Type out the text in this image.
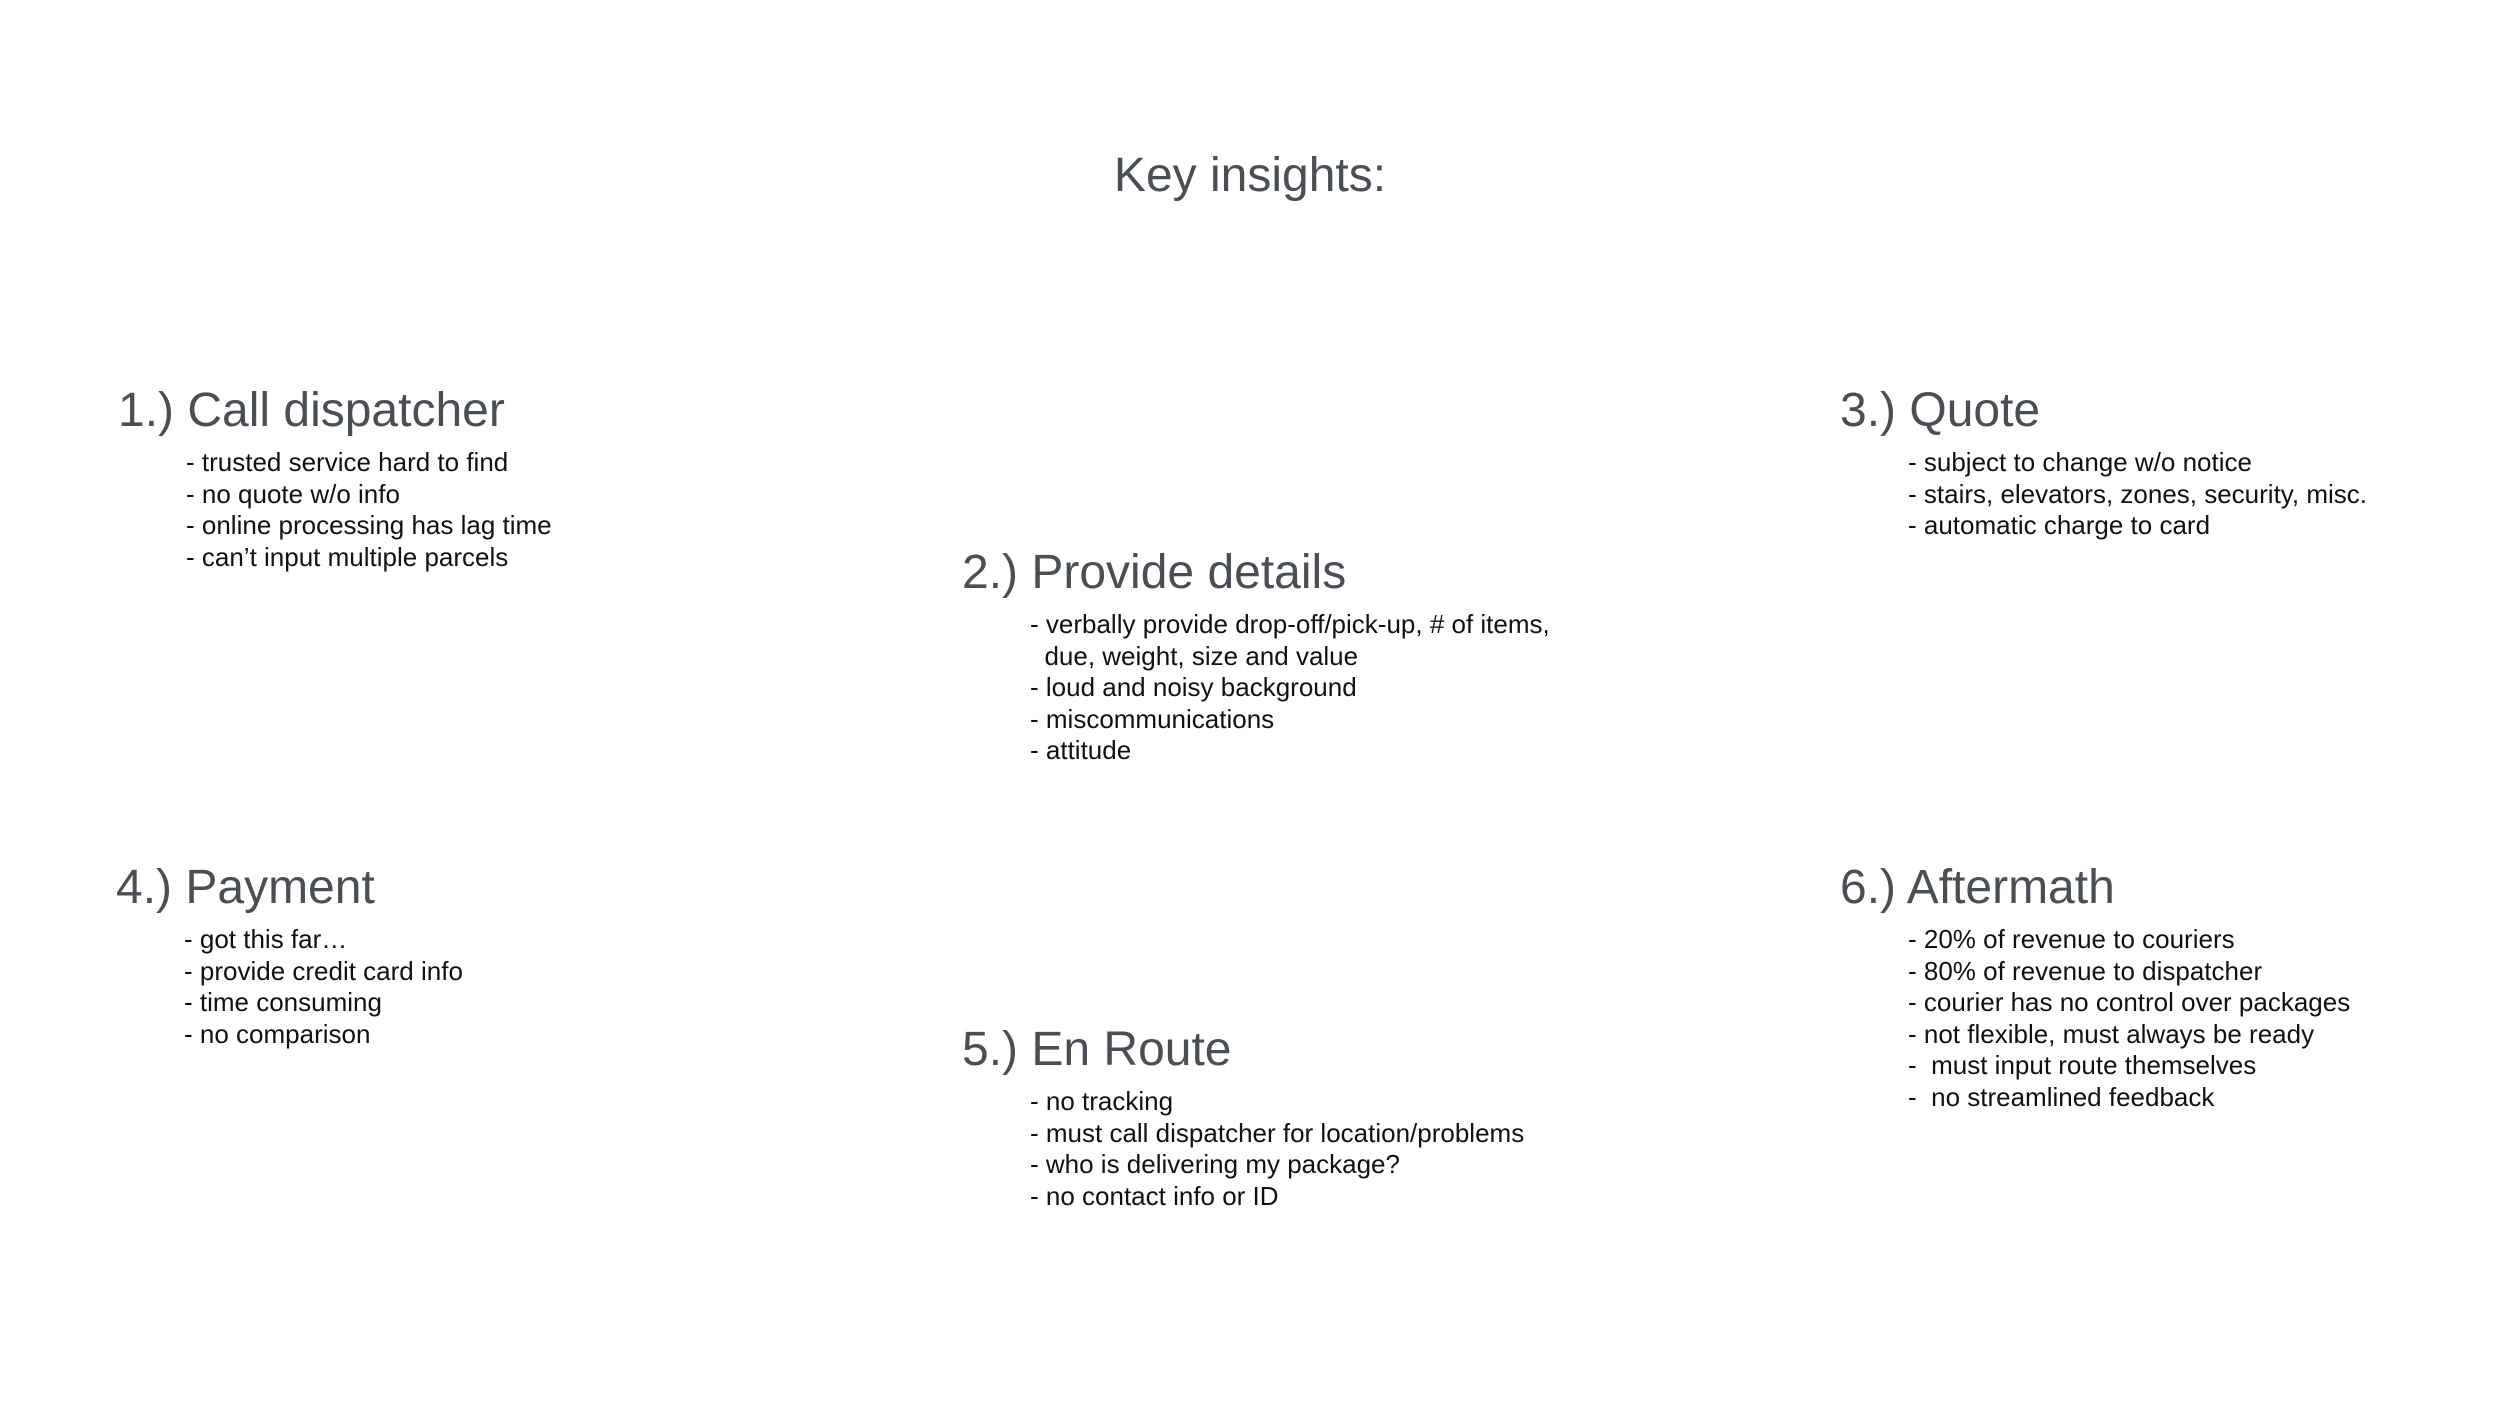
Key insights:
1.) Call dispatcher
- trusted service hard to find
- no quote w/o info
- online processing has lag time
- can’t input multiple parcels	2.) Provide details
- verbally provide drop-off/pick-up, # of items,
due, weight, size and value
- loud and noisy background
- miscommunications
- attitude
3.) Quote
- subject to change w/o notice
- stairs, elevators, zones, security, misc.
- automatic charge to card
4.) Payment
- got this far…
- provide credit card info
- time consuming
- no comparison	5.) En Route
- no tracking
- must call dispatcher for location/problems
- who is delivering my package?
- no contact info or ID
6.) Aftermath
- 20% of revenue to couriers
- 80% of revenue to dispatcher
- courier has no control over packages
- not flexible, must always be ready
-  must input route themselves
-  no streamlined feedback
